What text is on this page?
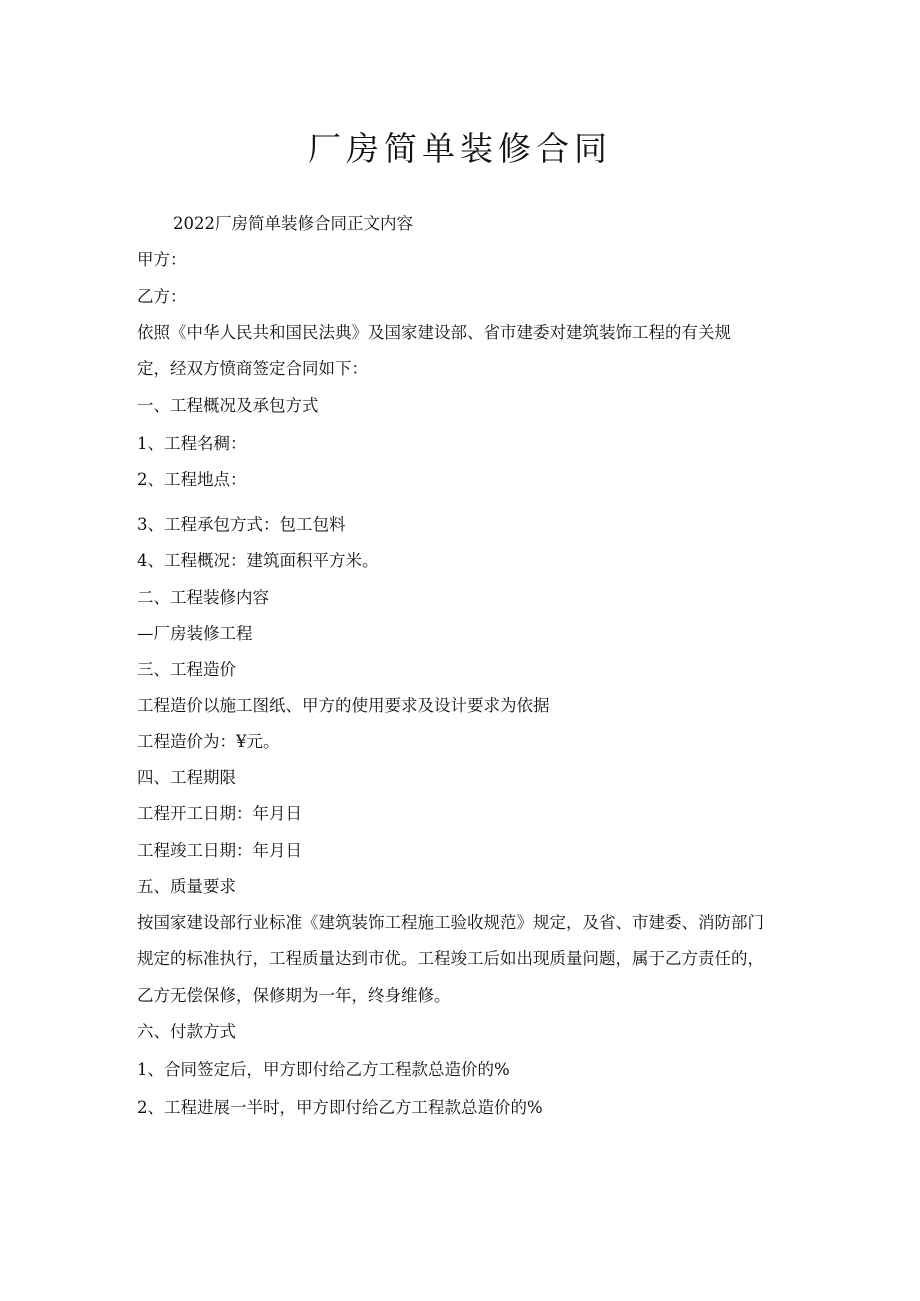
厂房简单装修合同
2022厂房简单装修合同正文内容
甲方：
乙方：
依照《中华人民共和国民法典》及国家建设部、省市建委对建筑装饰工程的有关规
定，经双方愤商签定合同如下：
一、工程概况及承包方式
1、工程名稠：
2、工程地点：
3、工程承包方式：包工包料
4、工程概况：建筑面积平方米。
二、工程装修内容
—厂房装修工程
三、工程造价
工程造价以施工图纸、甲方的使用要求及设计要求为依据
工程造价为：¥元。
四、工程期限
工程开工日期：年月日
工程竣工日期：年月日
五、质量要求
按国家建设部行业标准《建筑装饰工程施工验收规范》规定，及省、市建委、消防部门
规定的标准执行，工程质量达到市优。工程竣工后如出现质量问题，属于乙方责任的，
乙方无偿保修，保修期为一年，终身维修。
六、付款方式
1、合同签定后，甲方即付给乙方工程款总造价的%
2、工程进展一半时，甲方即付给乙方工程款总造价的%
